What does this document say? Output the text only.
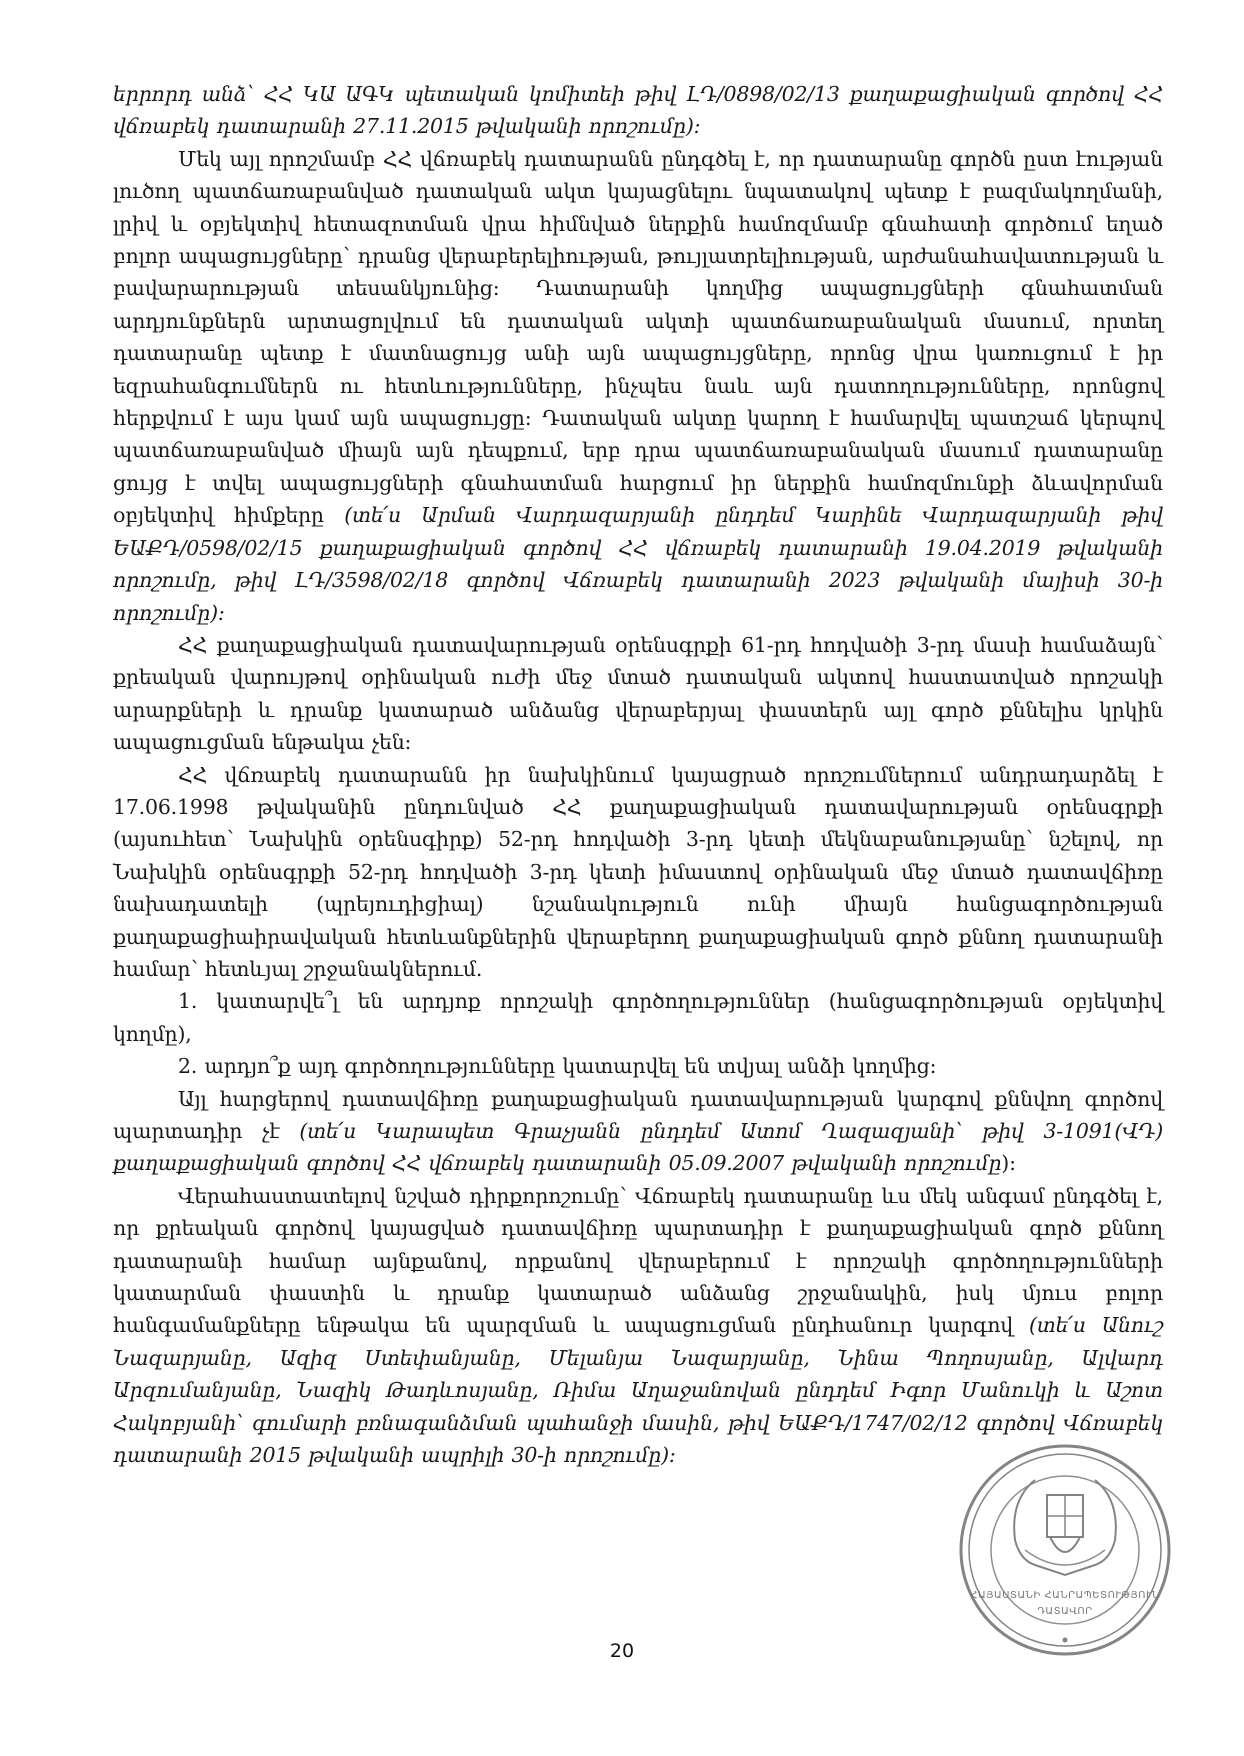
երրորդ անձ՝ ՀՀ ԿԱ ԱԳԿ պետական կոմիտեի թիվ ԼԴ/0898/02/13 քաղաքացիական գործով ՀՀ վճռաբեկ դատարանի 27.11.2015 թվականի որոշումը):

Մեկ այլ որոշմամբ ՀՀ վճռաբեկ դատարանն ընդգծել է, որ դատարանը գործն ըստ էության լուծող պատճառաբանված դատական ակտ կայացնելու նպատակով պետք է բազմակողմանի, լրիվ և օբյեկտիվ հետազոտման վրա հիմնված ներքին համոզմամբ գնահատի գործում եղած բոլոր ապացույցները՝ դրանց վերաբերելիության, թույլատրելիության, արժանահավատության և բավարարության տեսանկյունից: Դատարանի կողմից ապացույցների գնահատման արդյունքներն արտացոլվում են դատական ակտի պատճառաբանական մասում, որտեղ դատարանը պետք է մատնացույց անի այն ապացույցները, որոնց վրա կառուցում է իր եզրահանգումներն ու հետևությունները, ինչպես նաև այն դատողությունները, որոնցով հերքվում է այս կամ այն ապացույցը: Դատական ակտը կարող է համարվել պատշաճ կերպով պատճառաբանված միայն այն դեպքում, երբ դրա պատճառաբանական մասում դատարանը ցույց է տվել ապացույցների գնահատման հարցում իր ներքին համոզմունքի ձևավորման օբյեկտիվ հիմքերը (տե՛ս Արման Վարդազարյանի ընդդեմ Կարինե Վարդազարյանի թիվ ԵԱՔԴ/0598/02/15 քաղաքացիական գործով ՀՀ վճռաբեկ դատարանի 19.04.2019 թվականի որոշումը, թիվ ԼԴ/3598/02/18 գործով Վճռաբեկ դատարանի 2023 թվականի մայիսի 30-ի որոշումը):

ՀՀ քաղաքացիական դատավարության օրենսգրքի 61-րդ հոդվածի 3-րդ մասի համաձայն՝ քրեական վարույթով օրինական ուժի մեջ մտած դատական ակտով հաստատված որոշակի արարքների և դրանք կատարած անձանց վերաբերյալ փաստերն այլ գործ քննելիս կրկին ապացուցման ենթակա չեն:

ՀՀ վճռաբեկ դատարանն իր նախկինում կայացրած որոշումներում անդրադարձել է 17.06.1998 թվականին ընդունված ՀՀ քաղաքացիական դատավարության օրենսգրքի (այսուհետ՝ Նախկին օրենսգիրք) 52-րդ հոդվածի 3-րդ կետի մեկնաբանությանը՝ նշելով, որ Նախկին օրենսգրքի 52-րդ հոդվածի 3-րդ կետի իմաստով օրինական մեջ մտած դատավճիռը նախադատելի (պրեյուդիցիալ) նշանակություն ունի միայն հանցագործության քաղաքացիաիրավական հետևանքներին վերաբերող քաղաքացիական գործ քննող դատարանի համար՝ հետևյալ շրջանակներում.

1. կատարվե՞լ են արդյոք որոշակի գործողություններ (հանցագործության օբյեկտիվ կողմը),

2. արդյո՞ք այդ գործողությունները կատարվել են տվյալ անձի կողմից:

Այլ հարցերով դատավճիռը քաղաքացիական դատավարության կարգով քննվող գործով պարտադիր չէ (տե՛ս Կարապետ Գրաչյանն ընդդեմ Ատոմ Ղազազյանի՝ թիվ 3-1091(ՎԴ) քաղաքացիական գործով ՀՀ վճռաբեկ դատարանի 05.09.2007 թվականի որոշումը):

Վերահաստատելով նշված դիրքորոշումը՝ Վճռաբեկ դատարանը ևս մեկ անգամ ընդգծել է, որ քրեական գործով կայացված դատավճիռը պարտադիր է քաղաքացիական գործ քննող դատարանի համար այնքանով, որքանով վերաբերում է որոշակի գործողությունների կատարման փաստին և դրանք կատարած անձանց շրջանակին, իսկ մյուս բոլոր հանգամանքները ենթակա են պարզման և ապացուցման ընդհանուր կարգով (տե՛ս Անուշ Նազարյանը, Ազիզ Ստեփանյանը, Մելանյա Նազարյանը, Նինա Պողոսյանը, Ալվարդ Արզումանյանը, Նազիկ Թադևոսյանը, Ռիմա Աղաջանովան ընդդեմ Իգոր Մանուկի և Աշոտ Հակոբյանի՝ գումարի բռնագանձման պահանջի մասին, թիվ ԵԱՔԴ/1747/02/12 գործով Վճռաբեկ դատարանի 2015 թվականի ապրիլի 30-ի որոշումը):

ՀԱՅԱՍՏԱՆԻ ՀԱՆՐԱՊԵՏՈՒԹՅՈՒՆ
ԴԱՏԱՎՈՐ
20
